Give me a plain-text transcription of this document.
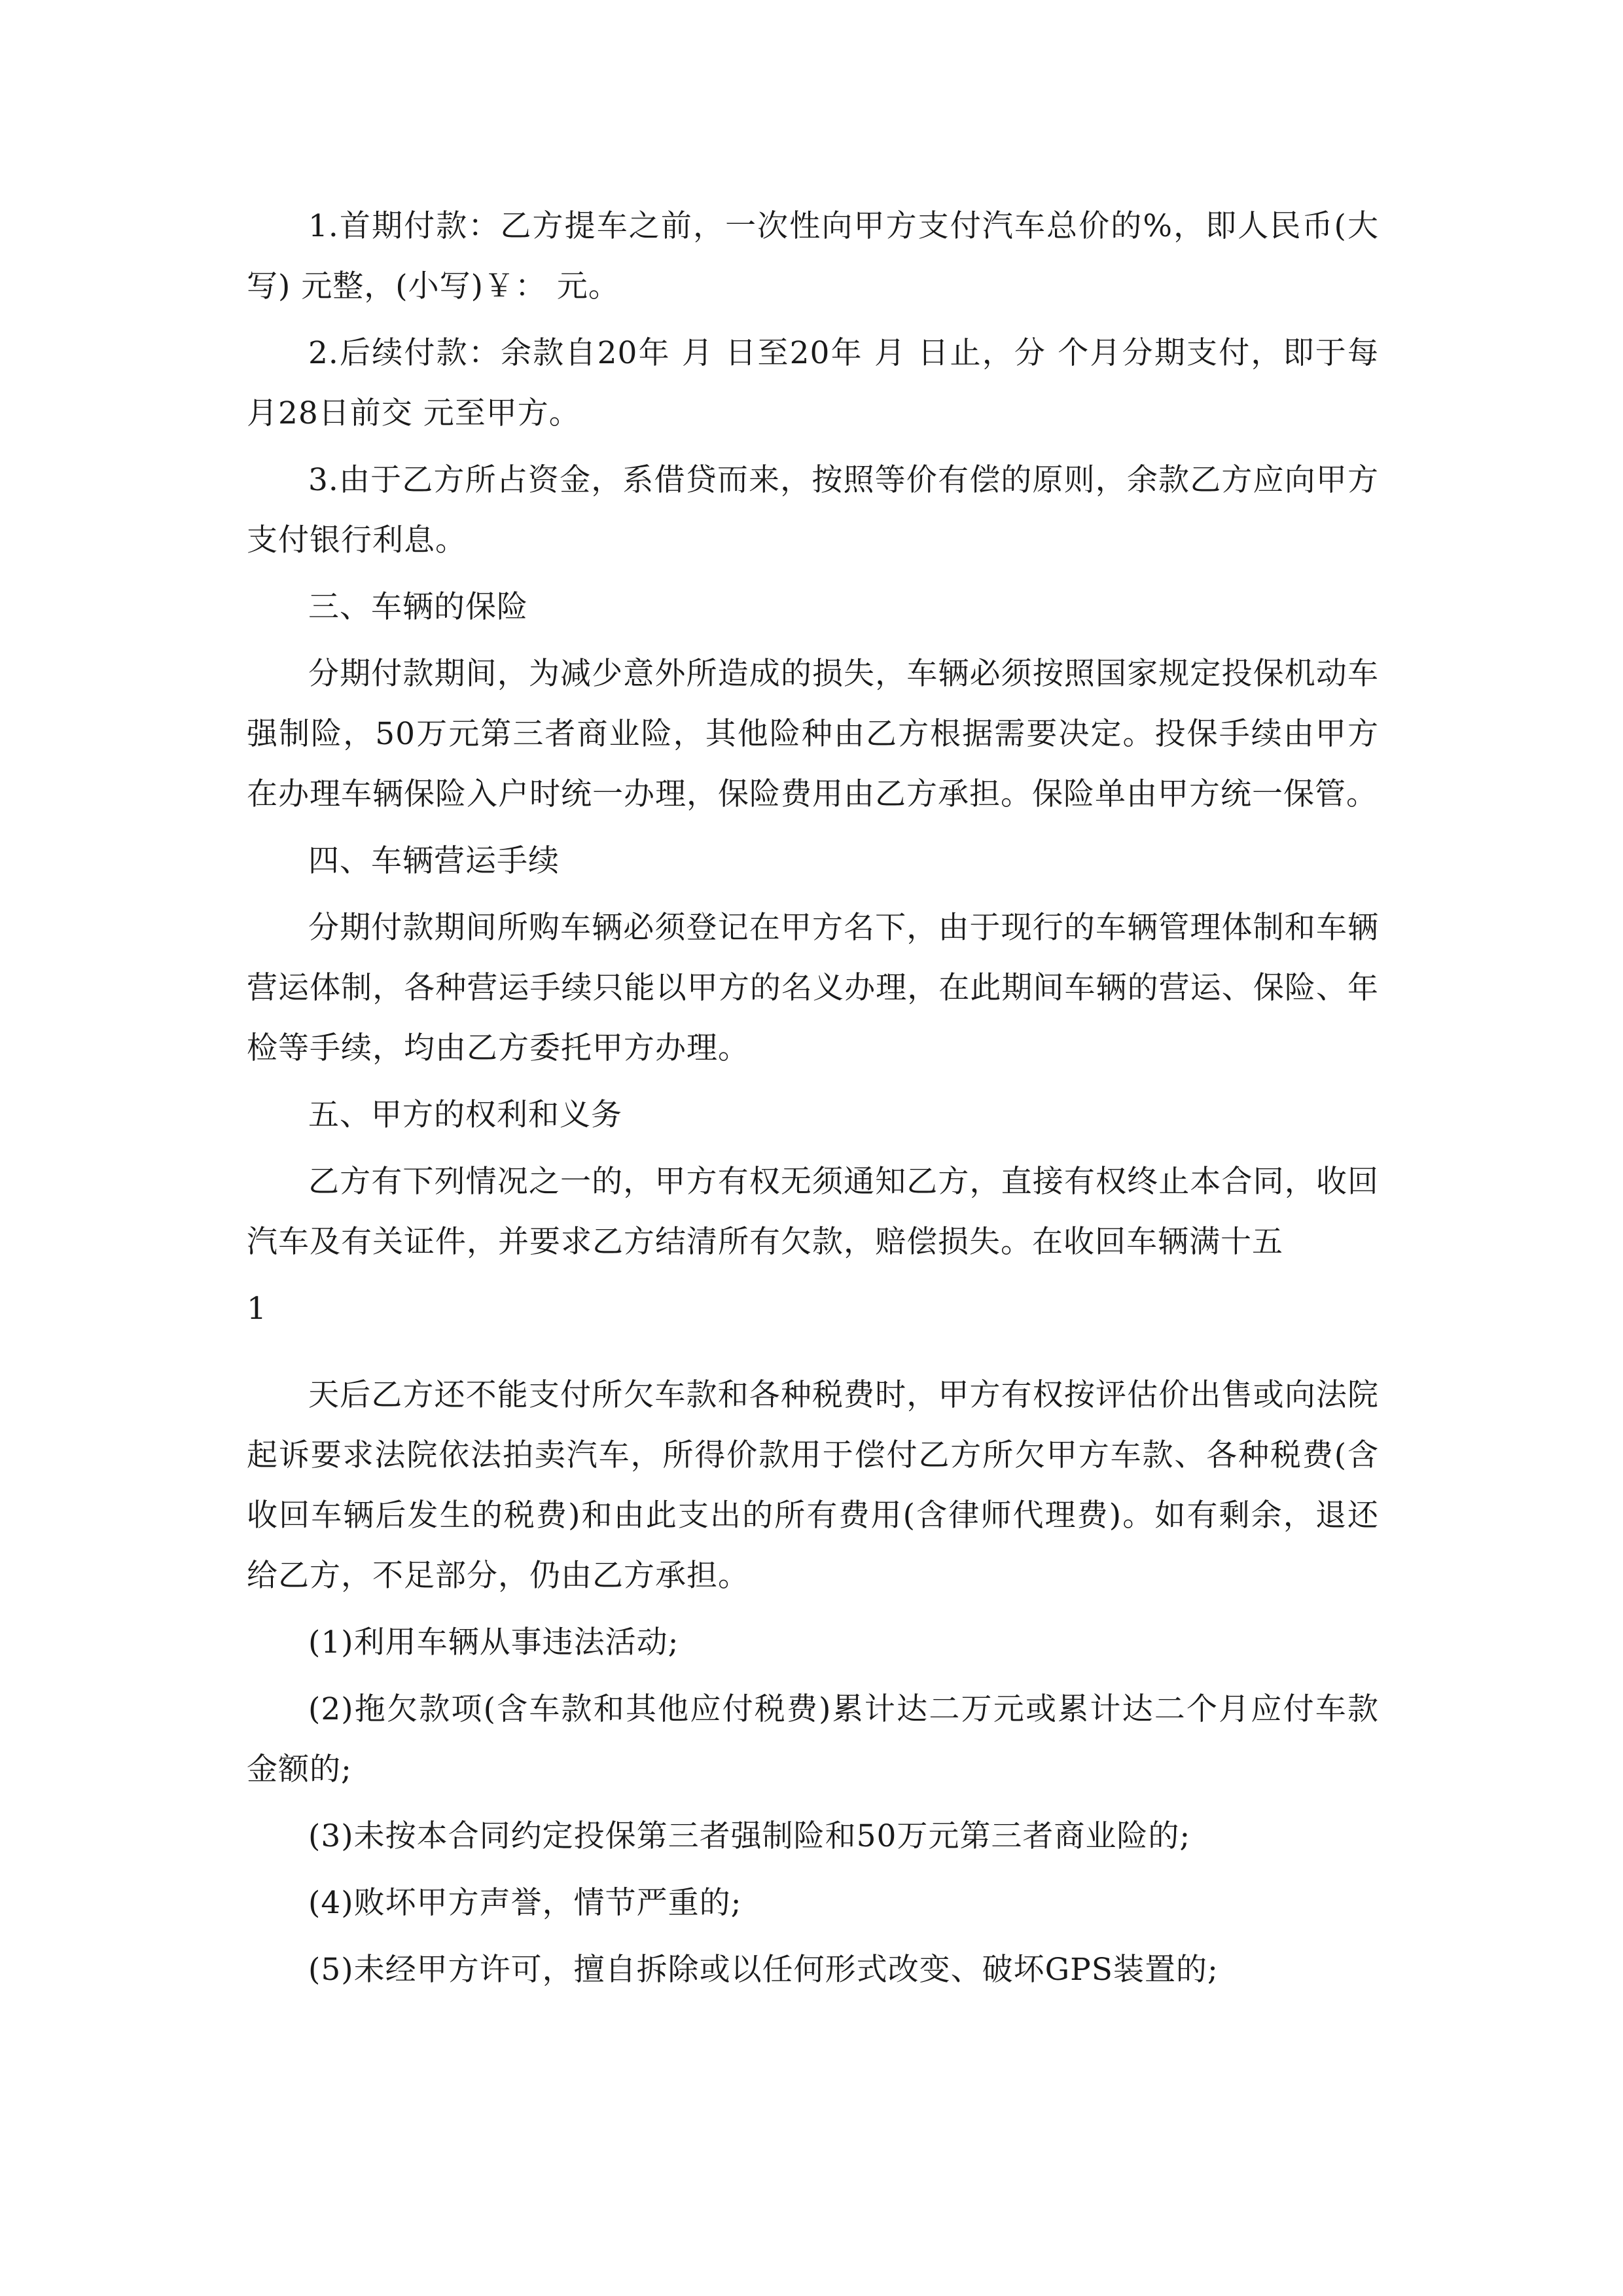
1.首期付款：乙方提车之前，一次性向甲方支付汽车总价的%，即人民币(大写) 元整，(小写)￥： 元。

2.后续付款：余款自20年 月 日至20年 月 日止，分 个月分期支付，即于每月28日前交 元至甲方。

3.由于乙方所占资金，系借贷而来，按照等价有偿的原则，余款乙方应向甲方支付银行利息。

三、车辆的保险

分期付款期间，为减少意外所造成的损失，车辆必须按照国家规定投保机动车强制险，50万元第三者商业险，其他险种由乙方根据需要决定。投保手续由甲方在办理车辆保险入户时统一办理，保险费用由乙方承担。保险单由甲方统一保管。

四、车辆营运手续

分期付款期间所购车辆必须登记在甲方名下，由于现行的车辆管理体制和车辆营运体制，各种营运手续只能以甲方的名义办理，在此期间车辆的营运、保险、年检等手续，均由乙方委托甲方办理。

五、甲方的权利和义务

乙方有下列情况之一的，甲方有权无须通知乙方，直接有权终止本合同，收回汽车及有关证件，并要求乙方结清所有欠款，赔偿损失。在收回车辆满十五

1

天后乙方还不能支付所欠车款和各种税费时，甲方有权按评估价出售或向法院起诉要求法院依法拍卖汽车，所得价款用于偿付乙方所欠甲方车款、各种税费(含收回车辆后发生的税费)和由此支出的所有费用(含律师代理费)。如有剩余，退还给乙方，不足部分，仍由乙方承担。

(1)利用车辆从事违法活动;

(2)拖欠款项(含车款和其他应付税费)累计达二万元或累计达二个月应付车款金额的;

(3)未按本合同约定投保第三者强制险和50万元第三者商业险的;

(4)败坏甲方声誉，情节严重的;

(5)未经甲方许可，擅自拆除或以任何形式改变、破坏GPS装置的;
